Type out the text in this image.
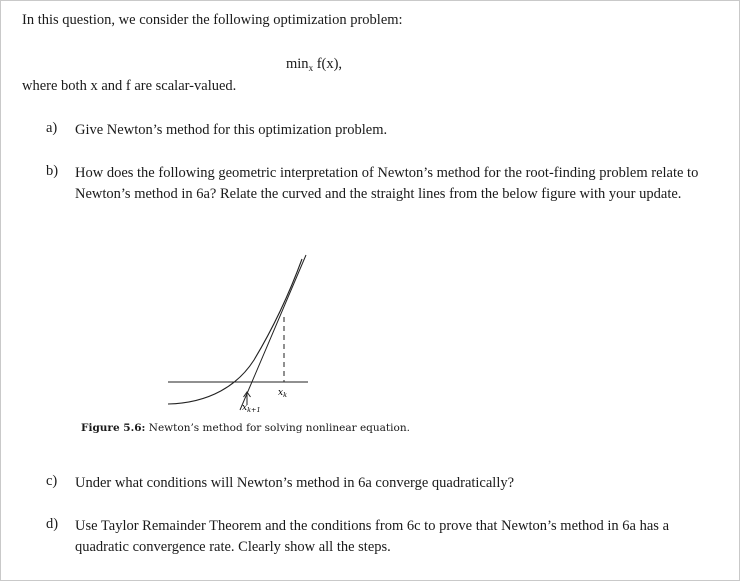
In this question, we consider the following optimization problem:
$\min_x f(x)$,
where both x and f are scalar-valued.
a) Give Newton’s method for this optimization problem.
b) How does the following geometric interpretation of Newton’s method for the root-finding problem relate to Newton’s method in 6a? Relate the curved and the straight lines from the below figure with your update.
$x_k$
$x_{k+1}$
Figure 5.6: Newton’s method for solving nonlinear equation.
c) Under what conditions will Newton’s method in 6a converge quadratically?
d) Use Taylor Remainder Theorem and the conditions from 6c to prove that Newton’s method in 6a has a quadratic convergence rate. Clearly show all the steps.
